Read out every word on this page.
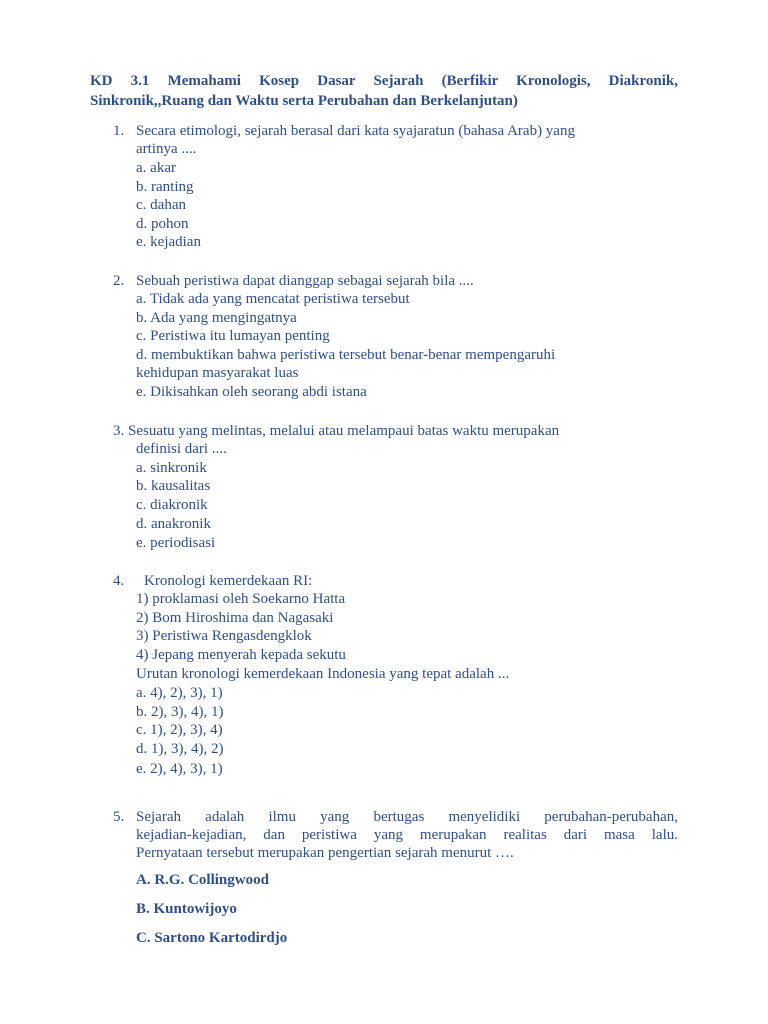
KD 3.1 Memahami Kosep Dasar Sejarah (Berfikir Kronologis, Diakronik,
Sinkronik,,Ruang dan Waktu serta Perubahan dan Berkelanjutan)

1. Secara etimologi, sejarah berasal dari kata syajaratun (bahasa Arab) yang

artinya ....

a. akar

b. ranting

c. dahan

d. pohon

e. kejadian

2. Sebuah peristiwa dapat dianggap sebagai sejarah bila ....

a. Tidak ada yang mencatat peristiwa tersebut

b. Ada yang mengingatnya

c. Peristiwa itu lumayan penting

d. membuktikan bahwa peristiwa tersebut benar-benar mempengaruhi

kehidupan masyarakat luas

e. Dikisahkan oleh seorang abdi istana

3. Sesuatu yang melintas, melalui atau melampaui batas waktu merupakan

definisi dari ....

a. sinkronik

b. kausalitas

c. diakronik

d. anakronik

e. periodisasi

4. Kronologi kemerdekaan RI:

1) proklamasi oleh Soekarno Hatta

2) Bom Hiroshima dan Nagasaki

3) Peristiwa Rengasdengklok

4) Jepang menyerah kepada sekutu

Urutan kronologi kemerdekaan Indonesia yang tepat adalah ...

a. 4), 2), 3), 1)

b. 2), 3), 4), 1)

c. 1), 2), 3), 4)

d. 1), 3), 4), 2)

e. 2), 4), 3), 1)

5. Sejarah adalah ilmu yang bertugas menyelidiki perubahan-perubahan,
kejadian-kejadian, dan peristiwa yang merupakan realitas dari masa lalu.
Pernyataan tersebut merupakan pengertian sejarah menurut ….

A. R.G. Collingwood

B. Kuntowijoyo

C. Sartono Kartodirdjo
